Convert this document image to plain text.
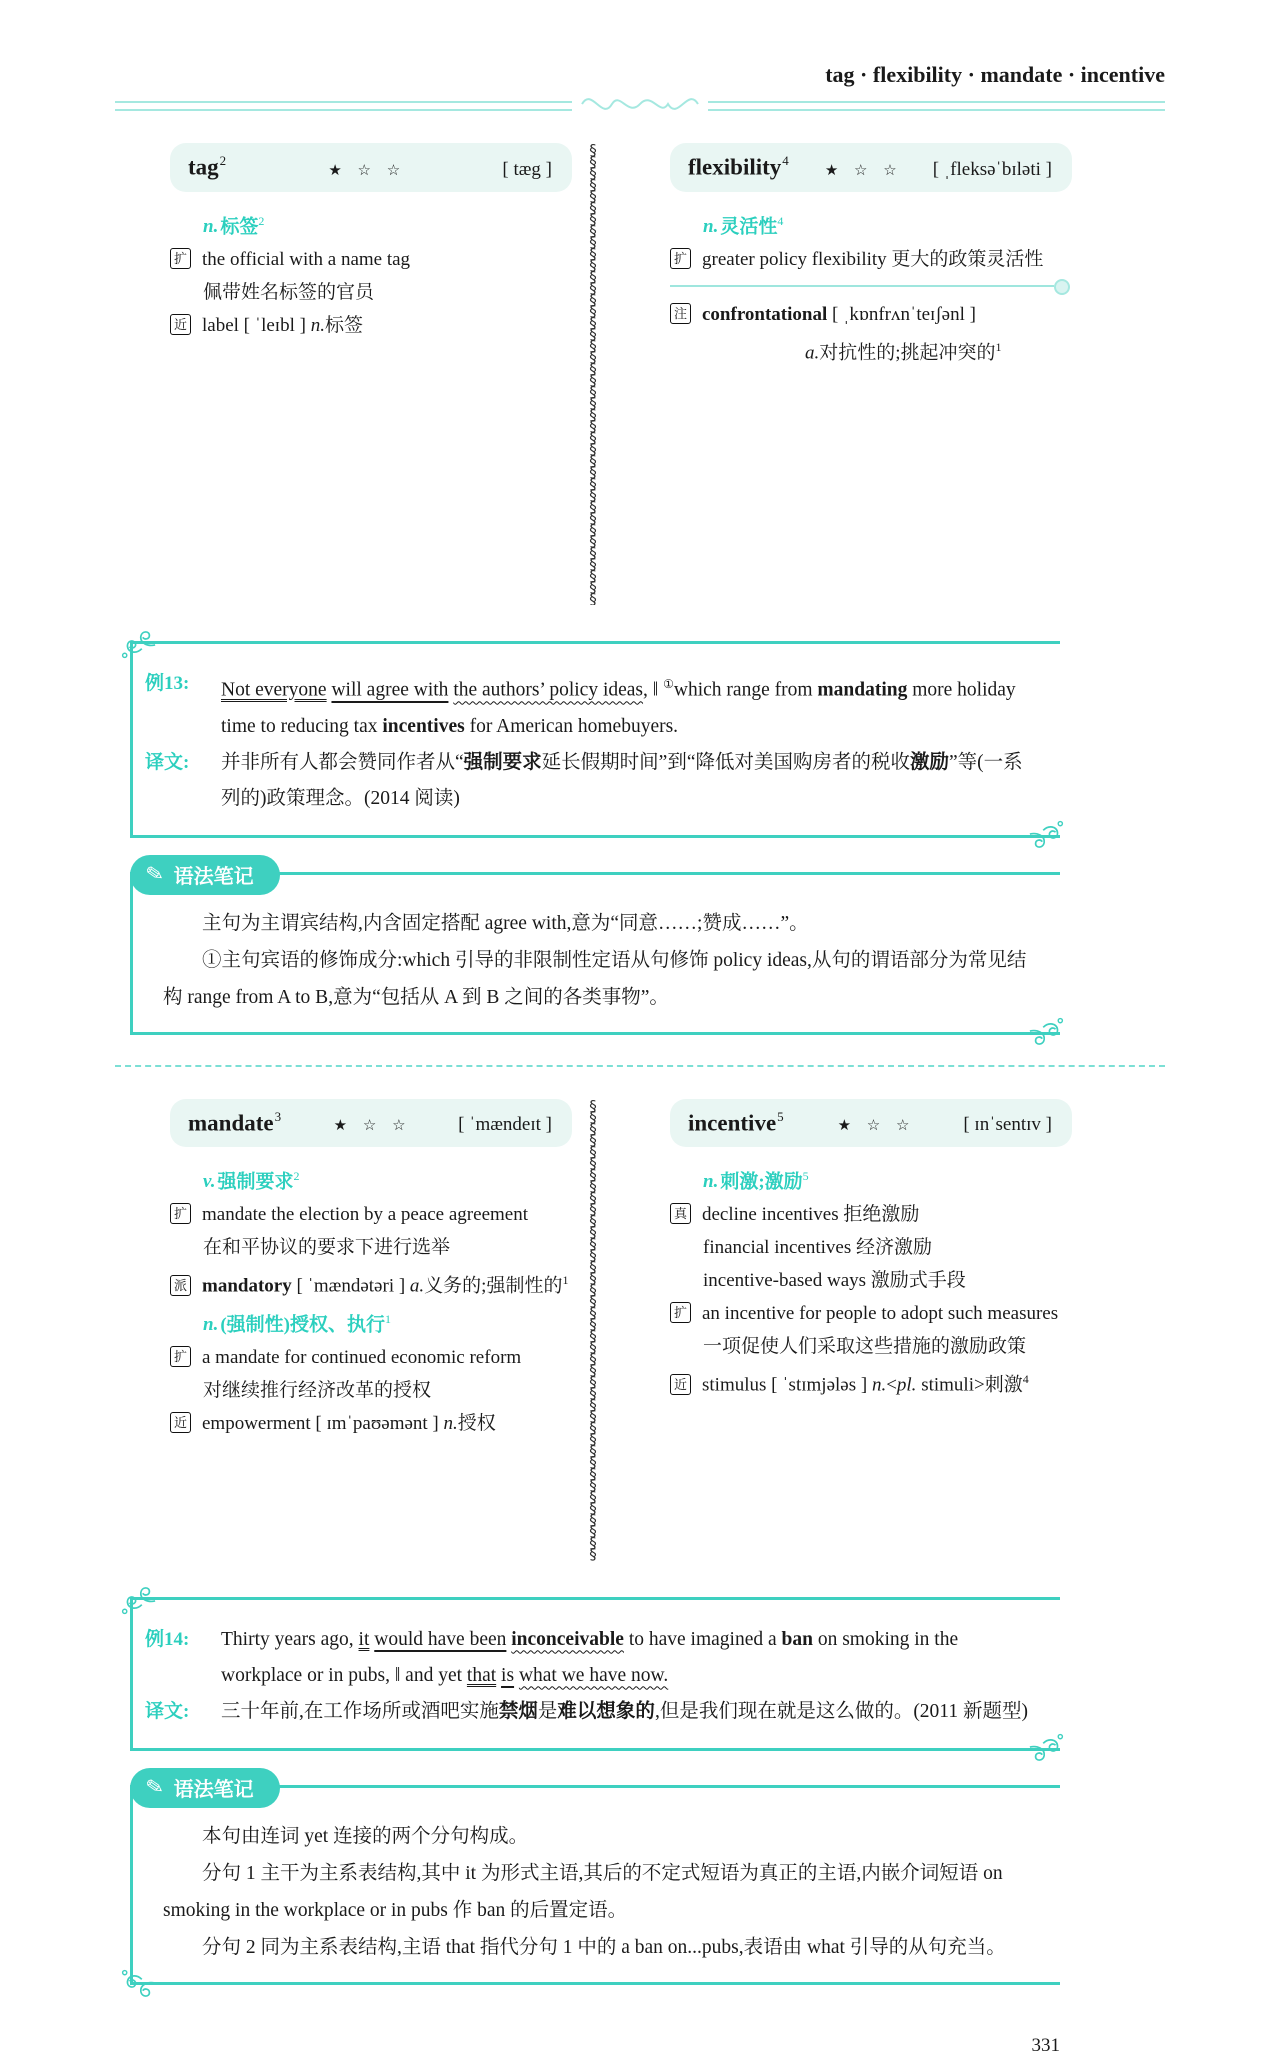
tag · flexibility · mandate · incentive
tag$^2$
★ ☆ ☆	[ tæg ]
n. 标签$^2$
扩 the official with a name tag
佩带姓名标签的官员
近 label [ ˈleɪbl ] n.标签
§
§
§
§
§
§
§
§
§
§
§
§
§
§
§
§
§
§
§
§
§
§
§
§
§
§
§
§
§
§
§
§
§
§
§
§
§
§
§
§

flexibility$^4$
★ ☆ ☆ [ ˌfleksəˈbɪləti ]
n. 灵活性$^4$
扩 greater policy flexibility 更大的政策灵活性
注 confrontational [ ˌkɒnfrʌnˈteɪʃənl ]
a.对抗性的;挑起冲突的$^1$
例13:	Not everyone will agree with the authors’ policy ideas, ‖ ①which range from mandating more holiday time to reducing tax incentives for American homebuyers.
译文:	并非所有人都会赞同作者从“强制要求延长假期时间”到“降低对美国购房者的税收激励”等(一系列的)政策理念。(2014 阅读)
✎ 语法笔记

主句为主谓宾结构,内含固定搭配 agree with,意为“同意……;赞成……”。

①主句宾语的修饰成分:which 引导的非限制性定语从句修饰 policy ideas,从句的谓语部分为常见结构 range from A to B,意为“包括从 A 到 B 之间的各类事物”。

mandate$^3$
★ ☆ ☆ [ ˈmændeɪt ]
v. 强制要求$^2$
扩 mandate the election by a peace agreement
在和平协议的要求下进行选举
派 mandatory [ ˈmændətəri ] a.义务的;强制性的$^1$
n. (强制性)授权、执行$^1$
扩 a mandate for continued economic reform
对继续推行经济改革的授权
近 empowerment [ ɪmˈpaʊəmənt ] n.授权
§
§
§
§
§
§
§
§
§
§
§
§
§
§
§
§
§
§
§
§
§
§
§
§
§
§
§
§
§
§
§
§
§
§
§
§
§
§
§
§

incentive$^5$
★ ☆ ☆	[ ɪnˈsentɪv ]
n. 刺激;激励$^5$
真 decline incentives 拒绝激励
financial incentives 经济激励
incentive-based ways 激励式手段
扩 an incentive for people to adopt such measures
一项促使人们采取这些措施的激励政策
近 stimulus [ ˈstɪmjələs ] n.<pl. stimuli>刺激$^4$
例14:	Thirty years ago, it would have been inconceivable to have imagined a ban on smoking in the workplace or in pubs, ‖ and yet that is what we have now.
译文:	三十年前,在工作场所或酒吧实施禁烟是难以想象的,但是我们现在就是这么做的。(2011 新题型)
✎ 语法笔记

本句由连词 yet 连接的两个分句构成。

分句 1 主干为主系表结构,其中 it 为形式主语,其后的不定式短语为真正的主语,内嵌介词短语 on smoking in the workplace or in pubs 作 ban 的后置定语。

分句 2 同为主系表结构,主语 that 指代分句 1 中的 a ban on...pubs,表语由 what 引导的从句充当。

331
